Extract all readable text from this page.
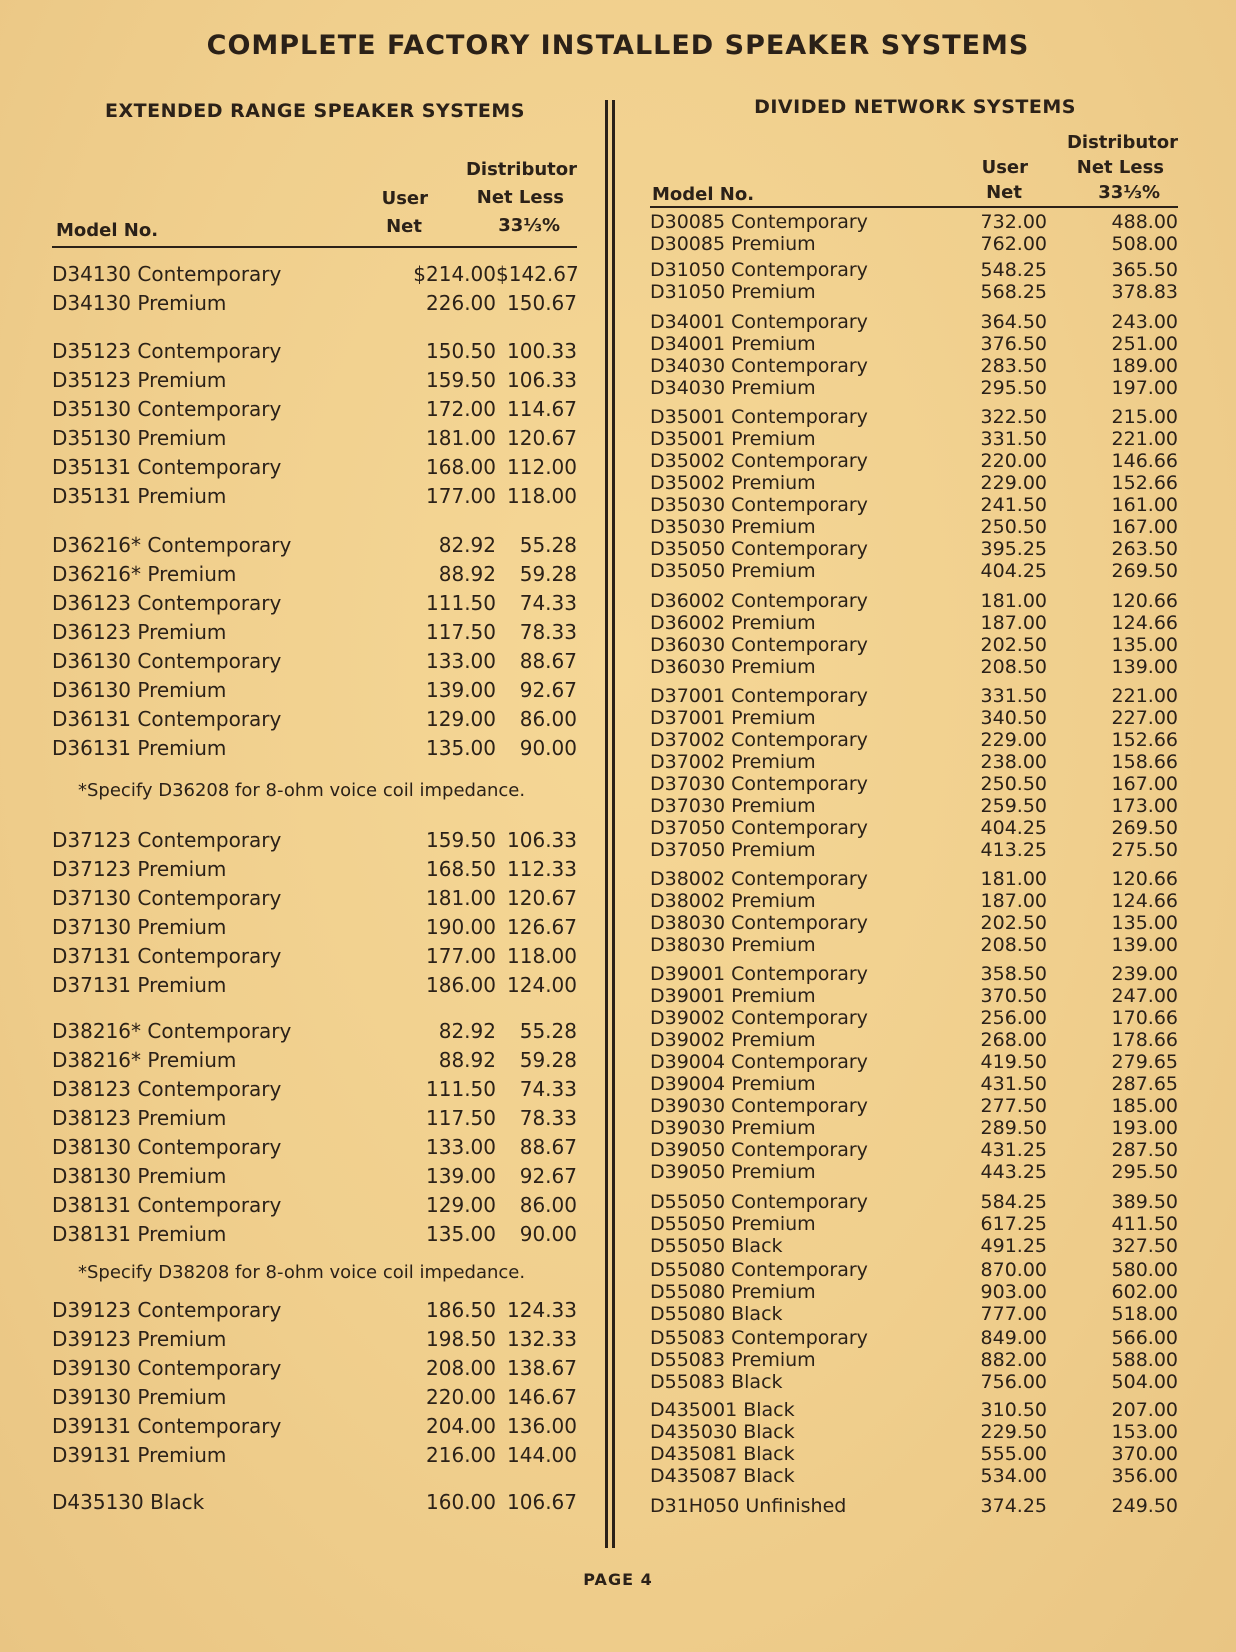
COMPLETE FACTORY INSTALLED SPEAKER SYSTEMS
EXTENDED RANGE SPEAKER SYSTEMS	DIVIDED NETWORK SYSTEMS
Model No.
User
Net
Distributor
Net Less
33⅓%
Model No.
User
Net
Distributor
Net Less
33⅓%
D34130 Contemporary	$214.00 $142.67
D34130 Premium	226.00 150.67
D35123 Contemporary	150.50 100.33
D35123 Premium	159.50 106.33
D35130 Contemporary	172.00 114.67
D35130 Premium	181.00 120.67
D35131 Contemporary	168.00 112.00
D35131 Premium	177.00 118.00
D36216* Contemporary	82.92	55.28
D36216* Premium	88.92	59.28
D36123 Contemporary	111.50	74.33
D36123 Premium	117.50	78.33
D36130 Contemporary	133.00	88.67
D36130 Premium	139.00	92.67
D36131 Contemporary	129.00	86.00
D36131 Premium	135.00	90.00
D37123 Contemporary	159.50 106.33
D37123 Premium	168.50 112.33
D37130 Contemporary	181.00 120.67
D37130 Premium	190.00 126.67
D37131 Contemporary	177.00 118.00
D37131 Premium	186.00 124.00
D38216* Contemporary	82.92	55.28
D38216* Premium	88.92	59.28
D38123 Contemporary	111.50	74.33
D38123 Premium	117.50	78.33
D38130 Contemporary	133.00	88.67
D38130 Premium	139.00	92.67
D38131 Contemporary	129.00	86.00
D38131 Premium	135.00	90.00
D39123 Contemporary	186.50 124.33
D39123 Premium	198.50 132.33
D39130 Contemporary	208.00 138.67
D39130 Premium	220.00 146.67
D39131 Contemporary	204.00 136.00
D39131 Premium	216.00 144.00
D435130 Black	160.00 106.67
D30085 Contemporary	732.00	488.00
D30085 Premium	762.00	508.00
D31050 Contemporary	548.25	365.50
D31050 Premium	568.25	378.83
D34001 Contemporary	364.50	243.00
D34001 Premium	376.50	251.00
D34030 Contemporary	283.50	189.00
D34030 Premium	295.50	197.00
D35001 Contemporary	322.50	215.00
D35001 Premium	331.50	221.00
D35002 Contemporary	220.00	146.66
D35002 Premium	229.00	152.66
D35030 Contemporary	241.50	161.00
D35030 Premium	250.50	167.00
D35050 Contemporary	395.25	263.50
D35050 Premium	404.25	269.50
D36002 Contemporary	181.00	120.66
D36002 Premium	187.00	124.66
D36030 Contemporary	202.50	135.00
D36030 Premium	208.50	139.00
D37001 Contemporary	331.50	221.00
D37001 Premium	340.50	227.00
D37002 Contemporary	229.00	152.66
D37002 Premium	238.00	158.66
D37030 Contemporary	250.50	167.00
D37030 Premium	259.50	173.00
D37050 Contemporary	404.25	269.50
D37050 Premium	413.25	275.50
D38002 Contemporary	181.00	120.66
D38002 Premium	187.00	124.66
D38030 Contemporary	202.50	135.00
D38030 Premium	208.50	139.00
D39001 Contemporary	358.50	239.00
D39001 Premium	370.50	247.00
D39002 Contemporary	256.00	170.66
D39002 Premium	268.00	178.66
D39004 Contemporary	419.50	279.65
D39004 Premium	431.50	287.65
D39030 Contemporary	277.50	185.00
D39030 Premium	289.50	193.00
D39050 Contemporary	431.25	287.50
D39050 Premium	443.25	295.50
D55050 Contemporary	584.25	389.50
D55050 Premium	617.25	411.50
D55050 Black	491.25	327.50
D55080 Contemporary	870.00	580.00
D55080 Premium	903.00	602.00
D55080 Black	777.00	518.00
D55083 Contemporary	849.00	566.00
D55083 Premium	882.00	588.00
D55083 Black	756.00	504.00
D435001 Black	310.50	207.00
D435030 Black	229.50	153.00
D435081 Black	555.00	370.00
D435087 Black	534.00	356.00
D31H050 Unfinished	374.25	249.50
*Specify D36208 for 8-ohm voice coil impedance.
*Specify D38208 for 8-ohm voice coil impedance.
PAGE 4
